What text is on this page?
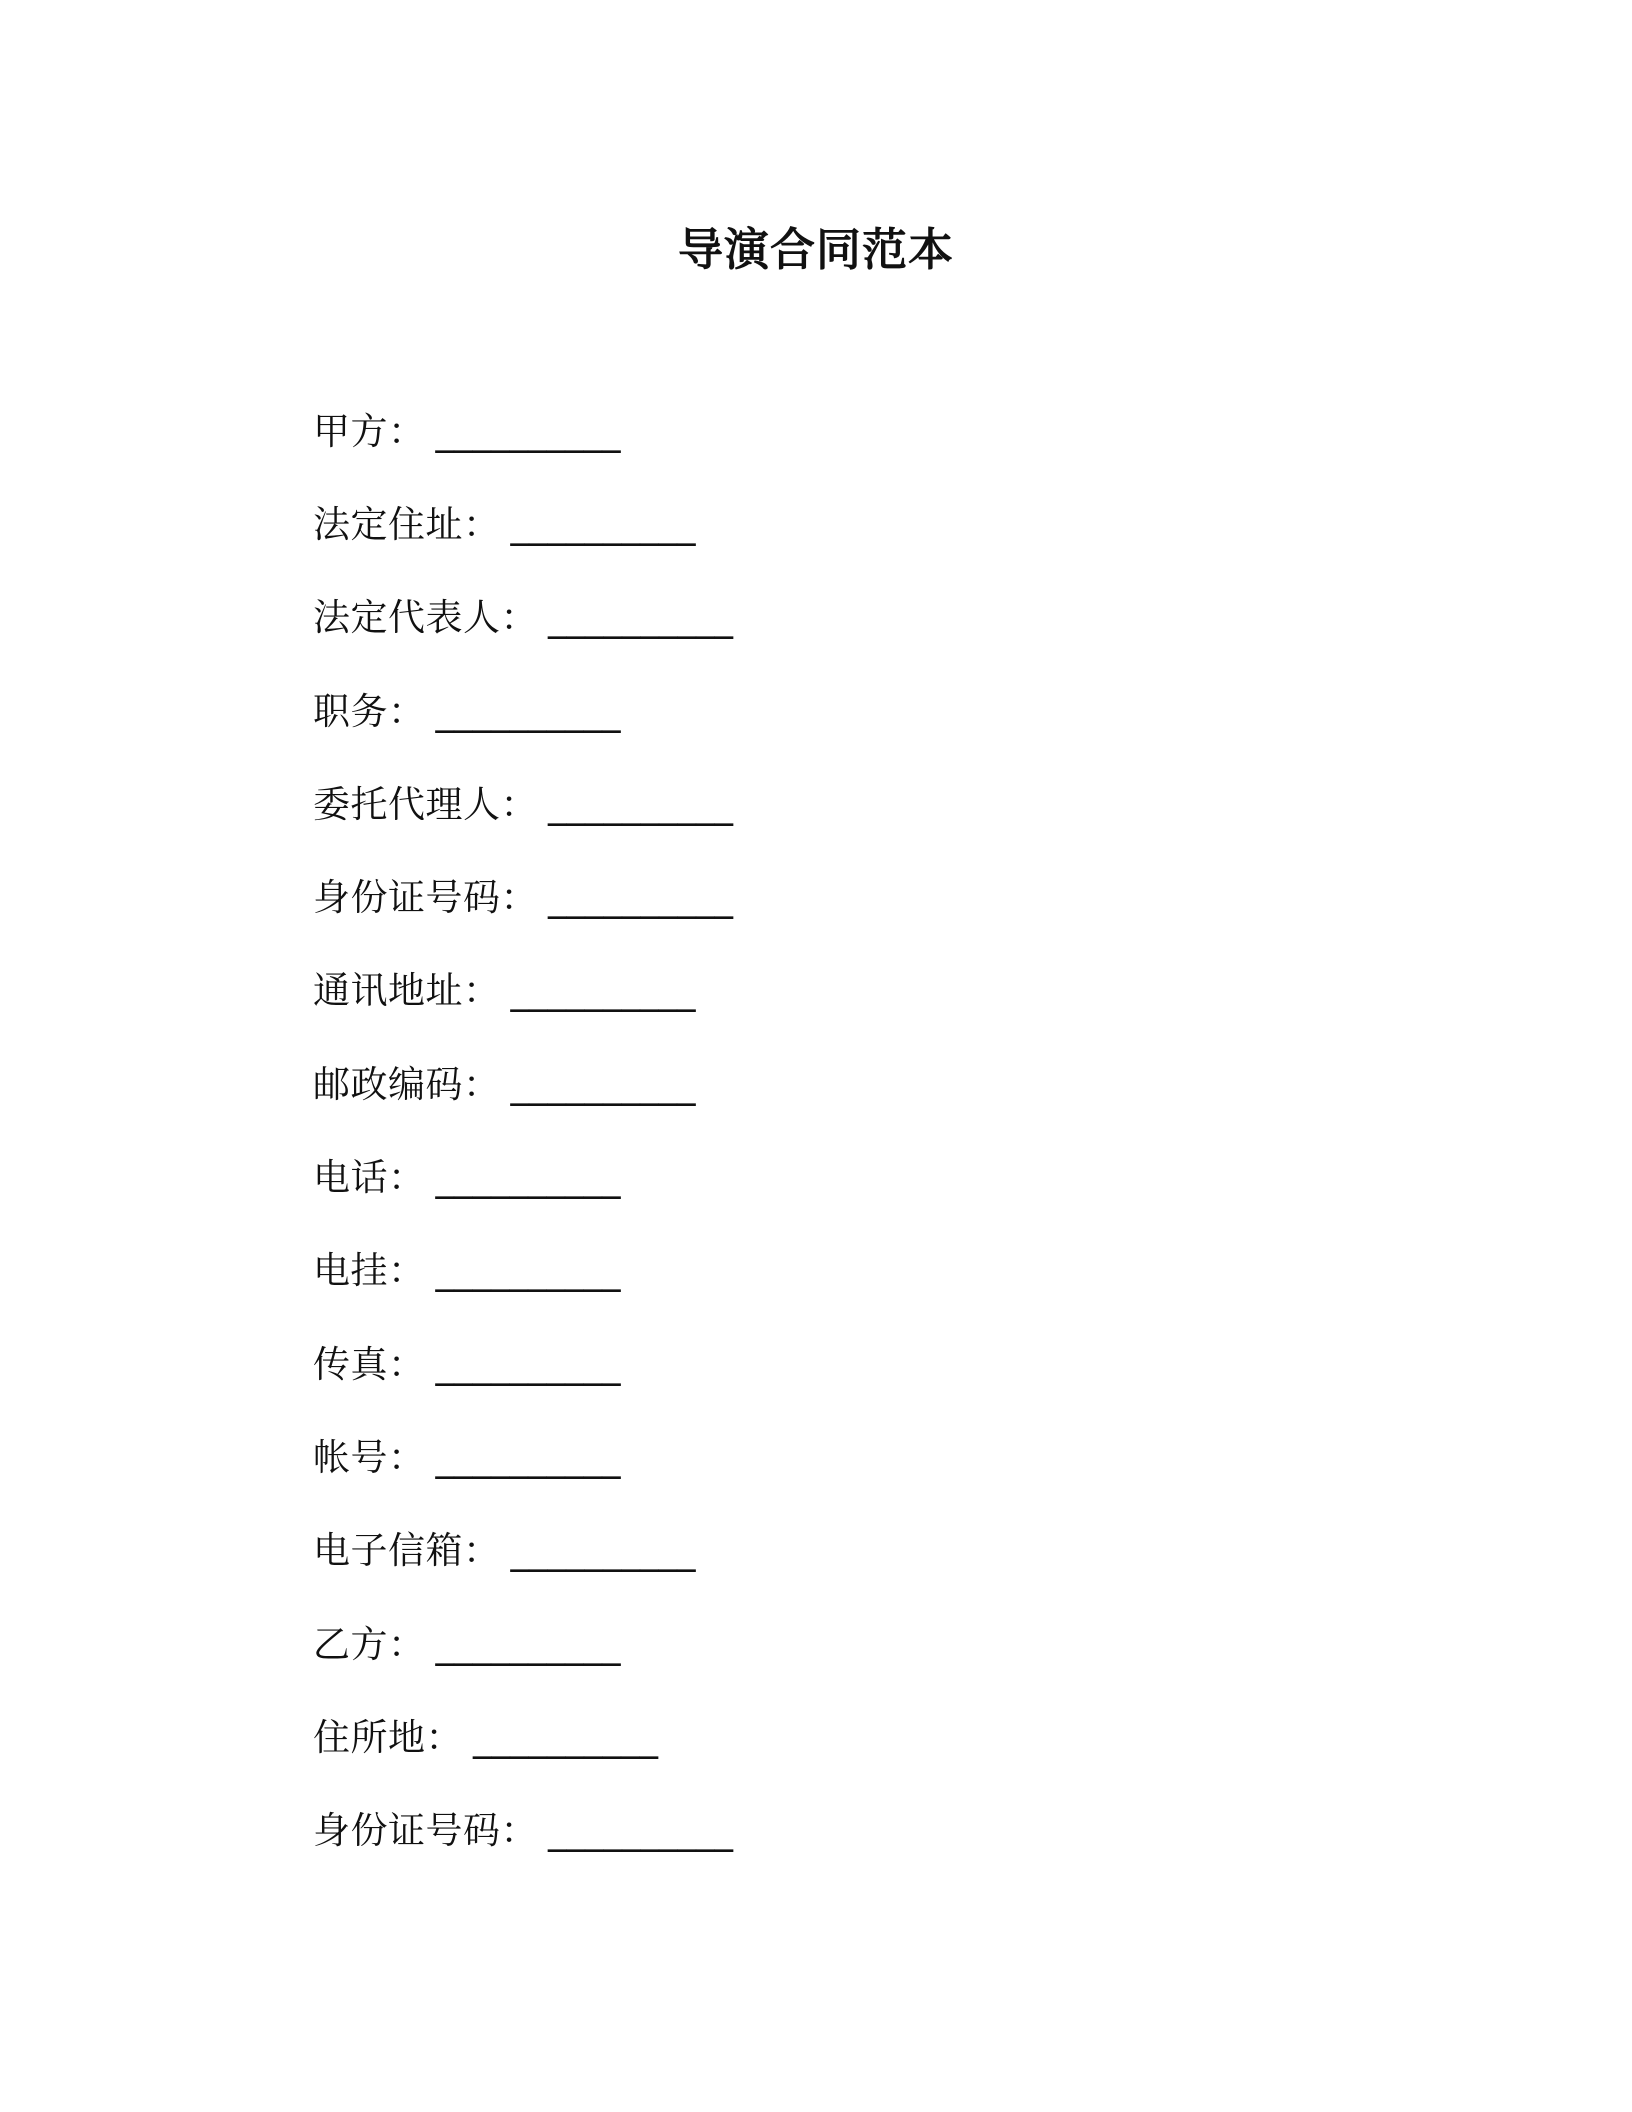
导演合同范本
甲方： __________
法定住址： __________
法定代表人： __________
职务： __________
委托代理人： __________
身份证号码： __________
通讯地址： __________
邮政编码： __________
电话： __________
电挂： __________
传真： __________
帐号： __________
电子信箱： __________
乙方： __________
住所地： __________
身份证号码： __________
